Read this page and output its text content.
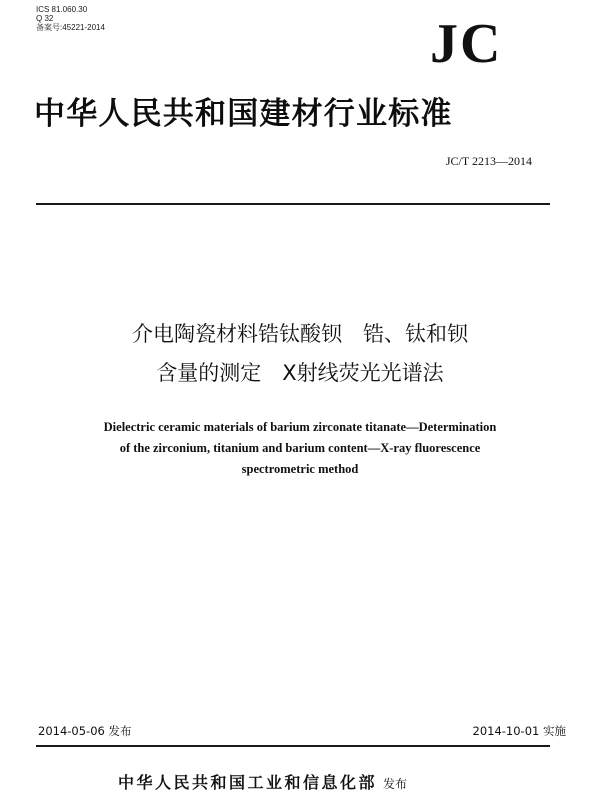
ICS 81.060.30
Q 32
备案号:45221-2014	JC
中华人民共和国建材行业标准
JC/T 2213—2014
介电陶瓷材料锆钛酸钡　锆、钛和钡
含量的测定　X射线荧光光谱法
Dielectric ceramic materials of barium zirconate titanate—Determination
of the zirconium, titanium and barium content—X-ray fluorescence
spectrometric method
2014-05-06 发布	2014-10-01 实施
中华人民共和国工业和信息化部 发布
